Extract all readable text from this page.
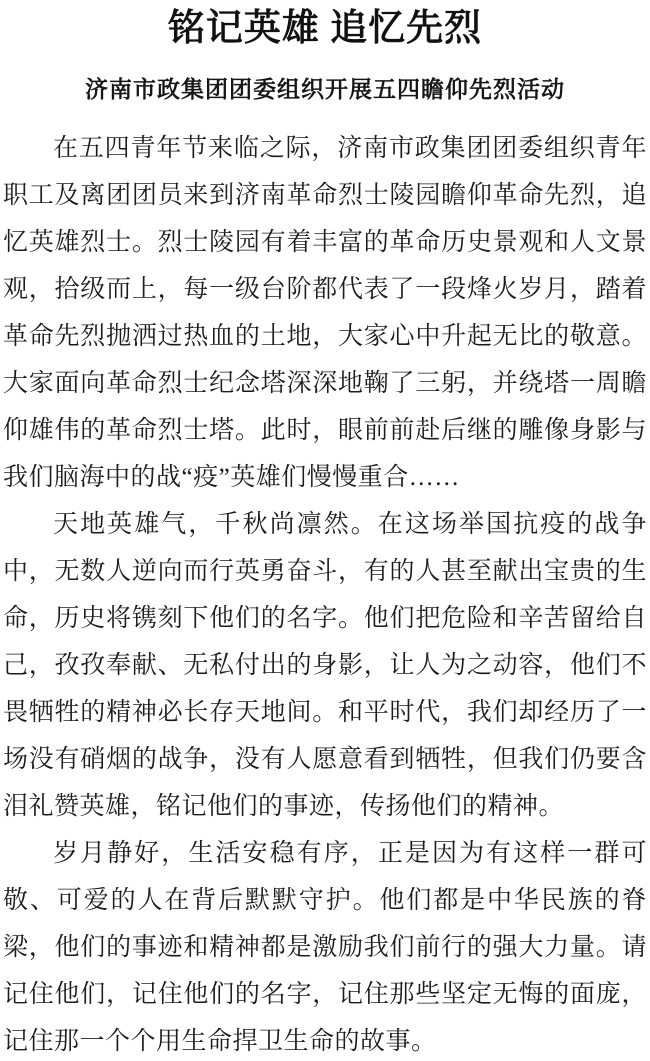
铭记英雄 追忆先烈
济南市政集团团委组织开展五四瞻仰先烈活动

在五四青年节来临之际，济南市政集团团委组织青年职工及离团团员来到济南革命烈士陵园瞻仰革命先烈，追忆英雄烈士。烈士陵园有着丰富的革命历史景观和人文景观，拾级而上，每一级台阶都代表了一段烽火岁月，踏着革命先烈抛洒过热血的土地，大家心中升起无比的敬意。大家面向革命烈士纪念塔深深地鞠了三躬，并绕塔一周瞻仰雄伟的革命烈士塔。此时，眼前前赴后继的雕像身影与我们脑海中的战“疫”英雄们慢慢重合……

天地英雄气，千秋尚凛然。在这场举国抗疫的战争中，无数人逆向而行英勇奋斗，有的人甚至献出宝贵的生命，历史将镌刻下他们的名字。他们把危险和辛苦留给自己，孜孜奉献、无私付出的身影，让人为之动容，他们不畏牺牲的精神必长存天地间。和平时代，我们却经历了一场没有硝烟的战争，没有人愿意看到牺牲，但我们仍要含泪礼赞英雄，铭记他们的事迹，传扬他们的精神。

岁月静好，生活安稳有序，正是因为有这样一群可敬、可爱的人在背后默默守护。他们都是中华民族的脊梁，他们的事迹和精神都是激励我们前行的强大力量。请记住他们，记住他们的名字，记住那些坚定无悔的面庞，记住那一个个用生命捍卫生命的故事。
